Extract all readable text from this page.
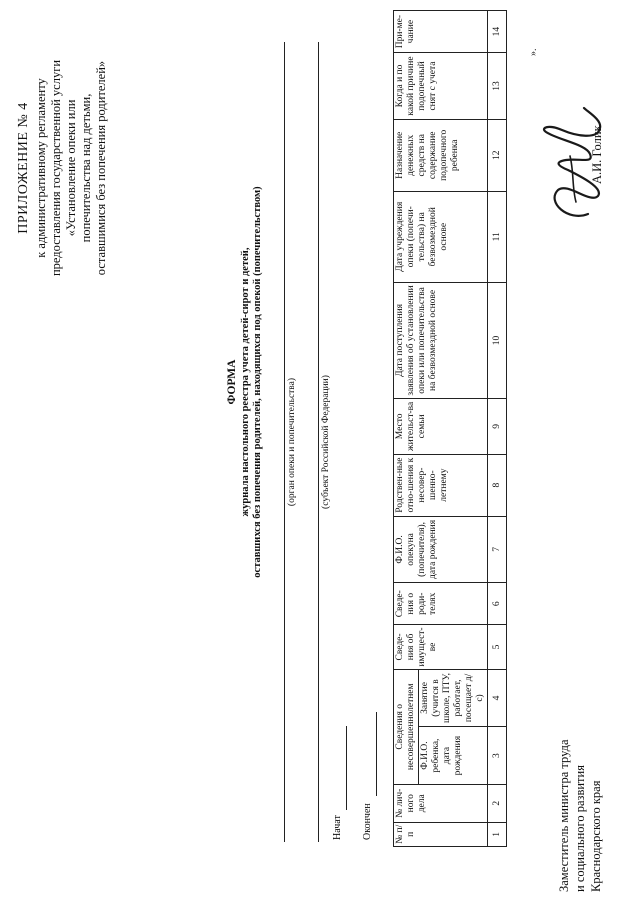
ПРИЛОЖЕНИЕ № 4 к административному регламенту предоставления государственной услуги «Установление опеки или попечительства над детьми, оставшимися без попечения родителей»
ФОРМА журнала настольного реестра учета детей-сирот и детей, оставшихся без попечения родителей, находящихся под опекой (попечительством)	(орган опеки и попечительства)	(субъект Российской Федерации)
Начат Окончен № п/п	№ лич-ного дела	Сведения о несовершеннолетнем		Сведе-ния об имущест-ве	Сведе-ния о роди-телях	Ф.И.О. опекуна (попечителя), дата рождения	Родствен-ные отно-шения к несовер-шенно-летнему	Место жительст-ва семьи	Дата поступления заявления об установлении опеки или попечительства на безвозмездной основе	Дата учреждения опеки (попечи-тельства) на безвозмездной основе	Назначение денежных средств на содержание подопечного ребенка	Когда и по какой причине подопечный снят с учета	При-ме-чание
		Ф.И.О. ребенка, дата рождения	Занятие (учится в школе, ПТУ, работает, посещает д/с)										
1	2	3	4	5	6	7	8	9	10	11	12	13	14
».
Заместитель министра труда и социального развития Краснодарского края
А.И. Голик
